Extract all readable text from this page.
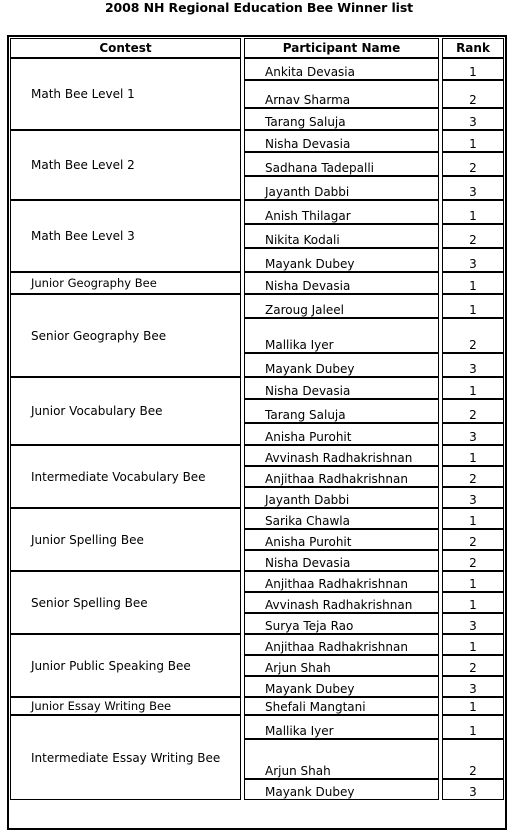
2008 NH Regional Education Bee Winner list
Contest		Participant Name		Rank
Math Bee Level 1		Ankita Devasia		1
		Arnav Sharma		2
		Tarang Saluja		3
Math Bee Level 2		Nisha Devasia		1
		Sadhana Tadepalli		2
		Jayanth Dabbi		3
Math Bee Level 3		Anish Thilagar		1
		Nikita Kodali		2
		Mayank Dubey		3
Junior Geography Bee		Nisha Devasia		1
Senior Geography Bee		Zaroug Jaleel		1
		Mallika Iyer		2
		Mayank Dubey		3
Junior Vocabulary Bee		Nisha Devasia		1
		Tarang Saluja		2
		Anisha Purohit		3
Intermediate Vocabulary Bee		Avvinash Radhakrishnan		1
		Anjithaa Radhakrishnan		2
		Jayanth Dabbi		3
Junior Spelling Bee		Sarika Chawla		1
		Anisha Purohit		2
		Nisha Devasia		2
Senior Spelling Bee		Anjithaa Radhakrishnan		1
		Avvinash Radhakrishnan		1
		Surya Teja Rao		3
Junior Public Speaking Bee		Anjithaa Radhakrishnan		1
		Arjun Shah		2
		Mayank Dubey		3
Junior Essay Writing Bee		Shefali Mangtani		1
Intermediate Essay Writing Bee		Mallika Iyer		1
		Arjun Shah		2
		Mayank Dubey		3
